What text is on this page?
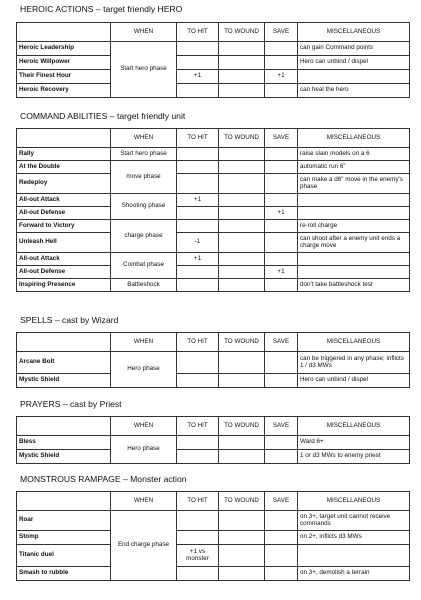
HEROIC ACTIONS – target friendly HERO
	WHEN	TO HIT	TO WOUND	SAVE	MISCELLANEOUS
Heroic Leadership	Start hero phase				can gain Command points
Heroic Willpower					Hero can unbind / dispel
Their Finest Hour		+1		+1	
Heroic Recovery					can heal the hero
COMMAND ABILITIES – target friendly unit
	WHEN	TO HIT	TO WOUND	SAVE	MISCELLANEOUS
Rally	Start hero phase				raise slain models on a 6
At the Double	move phase				automatic run 6"
Redeploy					can make a d6" move in the enemy's phase
All-out Attack	Shooting phase	+1			
All-out Defense				+1	
Forward to Victory	charge phase				re-roll charge
Unleash Hell		-1			can shoot after a enemy unit ends a charge move
All-out Attack	Combat phase	+1			
All-out Defense				+1	
Inspiring Presence	Battleshock				don't take battleshock test
SPELLS – cast by Wizard
	WHEN	TO HIT	TO WOUND	SAVE	MISCELLANEOUS
Arcane Bolt	Hero phase				can be triggered in any phase; inflicts 1 / d3 MWs
Mystic Shield					Hero can unbind / dispel
PRAYERS – cast by Priest
	WHEN	TO HIT	TO WOUND	SAVE	MISCELLANEOUS
Bless	Hero phase				Ward 6+
Mystic Shield					1 or d3 MWs to enemy priest
MONSTROUS RAMPAGE – Monster action
	WHEN	TO HIT	TO WOUND	SAVE	MISCELLANEOUS
Roar	End charge phase				on 3+, target unit cannot receive commands
Stomp					on 2+, inflicts d3 MWs
Titanic duel		+1 vs monster			
Smash to rubble					on 3+, demolish a terrain
